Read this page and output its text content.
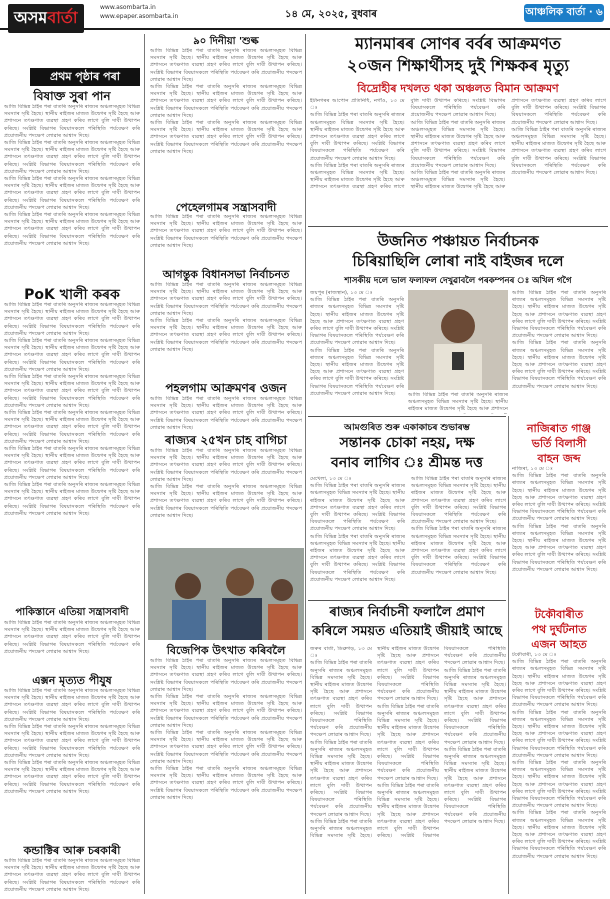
অসমবার্তা
www.asombarta.in
www.epaper.asombarta.in	১৪ মে, ২০২৫, বুধবাৰ	আঞ্চলিক বাৰ্তা · ৬
প্ৰথম পৃষ্ঠাৰ পৰা
বিষাক্ত সুৰা পান
আজি বিভিন্ন ঠাইৰ পৰা বাতৰি অনুসৰি ৰাজ্যৰ অঞ্চলসমূহত বিভিন্ন সমস্যাৰ সৃষ্টি হৈছে। স্থানীয় ৰাইজৰ মাজত উদ্বেগৰ সৃষ্টি হৈছে আৰু প্ৰশাসনে তৎক্ষণাত ব্যৱস্থা গ্ৰহণ কৰিব লাগে বুলি দাবী উত্থাপন কৰিছে। সংশ্লিষ্ট বিভাগৰ বিষয়াসকলে পৰিস্থিতি পৰ্যবেক্ষণ কৰি প্ৰয়োজনীয় পদক্ষেপ লোৱাৰ আশ্বাস দিছে।
আজি বিভিন্ন ঠাইৰ পৰা বাতৰি অনুসৰি ৰাজ্যৰ অঞ্চলসমূহত বিভিন্ন সমস্যাৰ সৃষ্টি হৈছে। স্থানীয় ৰাইজৰ মাজত উদ্বেগৰ সৃষ্টি হৈছে আৰু প্ৰশাসনে তৎক্ষণাত ব্যৱস্থা গ্ৰহণ কৰিব লাগে বুলি দাবী উত্থাপন কৰিছে। সংশ্লিষ্ট বিভাগৰ বিষয়াসকলে পৰিস্থিতি পৰ্যবেক্ষণ কৰি প্ৰয়োজনীয় পদক্ষেপ লোৱাৰ আশ্বাস দিছে।
আজি বিভিন্ন ঠাইৰ পৰা বাতৰি অনুসৰি ৰাজ্যৰ অঞ্চলসমূহত বিভিন্ন সমস্যাৰ সৃষ্টি হৈছে। স্থানীয় ৰাইজৰ মাজত উদ্বেগৰ সৃষ্টি হৈছে আৰু প্ৰশাসনে তৎক্ষণাত ব্যৱস্থা গ্ৰহণ কৰিব লাগে বুলি দাবী উত্থাপন কৰিছে। সংশ্লিষ্ট বিভাগৰ বিষয়াসকলে পৰিস্থিতি পৰ্যবেক্ষণ কৰি প্ৰয়োজনীয় পদক্ষেপ লোৱাৰ আশ্বাস দিছে।
আজি বিভিন্ন ঠাইৰ পৰা বাতৰি অনুসৰি ৰাজ্যৰ অঞ্চলসমূহত বিভিন্ন সমস্যাৰ সৃষ্টি হৈছে। স্থানীয় ৰাইজৰ মাজত উদ্বেগৰ সৃষ্টি হৈছে আৰু প্ৰশাসনে তৎক্ষণাত ব্যৱস্থা গ্ৰহণ কৰিব লাগে বুলি দাবী উত্থাপন কৰিছে। সংশ্লিষ্ট বিভাগৰ বিষয়াসকলে পৰিস্থিতি পৰ্যবেক্ষণ কৰি প্ৰয়োজনীয় পদক্ষেপ লোৱাৰ আশ্বাস দিছে।
PoK খালী কৰক
আজি বিভিন্ন ঠাইৰ পৰা বাতৰি অনুসৰি ৰাজ্যৰ অঞ্চলসমূহত বিভিন্ন সমস্যাৰ সৃষ্টি হৈছে। স্থানীয় ৰাইজৰ মাজত উদ্বেগৰ সৃষ্টি হৈছে আৰু প্ৰশাসনে তৎক্ষণাত ব্যৱস্থা গ্ৰহণ কৰিব লাগে বুলি দাবী উত্থাপন কৰিছে। সংশ্লিষ্ট বিভাগৰ বিষয়াসকলে পৰিস্থিতি পৰ্যবেক্ষণ কৰি প্ৰয়োজনীয় পদক্ষেপ লোৱাৰ আশ্বাস দিছে।
আজি বিভিন্ন ঠাইৰ পৰা বাতৰি অনুসৰি ৰাজ্যৰ অঞ্চলসমূহত বিভিন্ন সমস্যাৰ সৃষ্টি হৈছে। স্থানীয় ৰাইজৰ মাজত উদ্বেগৰ সৃষ্টি হৈছে আৰু প্ৰশাসনে তৎক্ষণাত ব্যৱস্থা গ্ৰহণ কৰিব লাগে বুলি দাবী উত্থাপন কৰিছে। সংশ্লিষ্ট বিভাগৰ বিষয়াসকলে পৰিস্থিতি পৰ্যবেক্ষণ কৰি প্ৰয়োজনীয় পদক্ষেপ লোৱাৰ আশ্বাস দিছে।
আজি বিভিন্ন ঠাইৰ পৰা বাতৰি অনুসৰি ৰাজ্যৰ অঞ্চলসমূহত বিভিন্ন সমস্যাৰ সৃষ্টি হৈছে। স্থানীয় ৰাইজৰ মাজত উদ্বেগৰ সৃষ্টি হৈছে আৰু প্ৰশাসনে তৎক্ষণাত ব্যৱস্থা গ্ৰহণ কৰিব লাগে বুলি দাবী উত্থাপন কৰিছে। সংশ্লিষ্ট বিভাগৰ বিষয়াসকলে পৰিস্থিতি পৰ্যবেক্ষণ কৰি প্ৰয়োজনীয় পদক্ষেপ লোৱাৰ আশ্বাস দিছে।
আজি বিভিন্ন ঠাইৰ পৰা বাতৰি অনুসৰি ৰাজ্যৰ অঞ্চলসমূহত বিভিন্ন সমস্যাৰ সৃষ্টি হৈছে। স্থানীয় ৰাইজৰ মাজত উদ্বেগৰ সৃষ্টি হৈছে আৰু প্ৰশাসনে তৎক্ষণাত ব্যৱস্থা গ্ৰহণ কৰিব লাগে বুলি দাবী উত্থাপন কৰিছে। সংশ্লিষ্ট বিভাগৰ বিষয়াসকলে পৰিস্থিতি পৰ্যবেক্ষণ কৰি প্ৰয়োজনীয় পদক্ষেপ লোৱাৰ আশ্বাস দিছে।
আজি বিভিন্ন ঠাইৰ পৰা বাতৰি অনুসৰি ৰাজ্যৰ অঞ্চলসমূহত বিভিন্ন সমস্যাৰ সৃষ্টি হৈছে। স্থানীয় ৰাইজৰ মাজত উদ্বেগৰ সৃষ্টি হৈছে আৰু প্ৰশাসনে তৎক্ষণাত ব্যৱস্থা গ্ৰহণ কৰিব লাগে বুলি দাবী উত্থাপন কৰিছে। সংশ্লিষ্ট বিভাগৰ বিষয়াসকলে পৰিস্থিতি পৰ্যবেক্ষণ কৰি প্ৰয়োজনীয় পদক্ষেপ লোৱাৰ আশ্বাস দিছে।
আজি বিভিন্ন ঠাইৰ পৰা বাতৰি অনুসৰি ৰাজ্যৰ অঞ্চলসমূহত বিভিন্ন সমস্যাৰ সৃষ্টি হৈছে। স্থানীয় ৰাইজৰ মাজত উদ্বেগৰ সৃষ্টি হৈছে আৰু প্ৰশাসনে তৎক্ষণাত ব্যৱস্থা গ্ৰহণ কৰিব লাগে বুলি দাবী উত্থাপন কৰিছে। সংশ্লিষ্ট বিভাগৰ বিষয়াসকলে পৰিস্থিতি পৰ্যবেক্ষণ কৰি প্ৰয়োজনীয় পদক্ষেপ লোৱাৰ আশ্বাস দিছে।
পাকিস্তানে এতিয়া সন্ত্ৰাসবাদী
আজি বিভিন্ন ঠাইৰ পৰা বাতৰি অনুসৰি ৰাজ্যৰ অঞ্চলসমূহত বিভিন্ন সমস্যাৰ সৃষ্টি হৈছে। স্থানীয় ৰাইজৰ মাজত উদ্বেগৰ সৃষ্টি হৈছে আৰু প্ৰশাসনে তৎক্ষণাত ব্যৱস্থা গ্ৰহণ কৰিব লাগে বুলি দাবী উত্থাপন কৰিছে। সংশ্লিষ্ট বিভাগৰ বিষয়াসকলে পৰিস্থিতি পৰ্যবেক্ষণ কৰি প্ৰয়োজনীয় পদক্ষেপ লোৱাৰ আশ্বাস দিছে।
এক্সন মৃত্যত পীযুষ
আজি বিভিন্ন ঠাইৰ পৰা বাতৰি অনুসৰি ৰাজ্যৰ অঞ্চলসমূহত বিভিন্ন সমস্যাৰ সৃষ্টি হৈছে। স্থানীয় ৰাইজৰ মাজত উদ্বেগৰ সৃষ্টি হৈছে আৰু প্ৰশাসনে তৎক্ষণাত ব্যৱস্থা গ্ৰহণ কৰিব লাগে বুলি দাবী উত্থাপন কৰিছে। সংশ্লিষ্ট বিভাগৰ বিষয়াসকলে পৰিস্থিতি পৰ্যবেক্ষণ কৰি প্ৰয়োজনীয় পদক্ষেপ লোৱাৰ আশ্বাস দিছে।
আজি বিভিন্ন ঠাইৰ পৰা বাতৰি অনুসৰি ৰাজ্যৰ অঞ্চলসমূহত বিভিন্ন সমস্যাৰ সৃষ্টি হৈছে। স্থানীয় ৰাইজৰ মাজত উদ্বেগৰ সৃষ্টি হৈছে আৰু প্ৰশাসনে তৎক্ষণাত ব্যৱস্থা গ্ৰহণ কৰিব লাগে বুলি দাবী উত্থাপন কৰিছে। সংশ্লিষ্ট বিভাগৰ বিষয়াসকলে পৰিস্থিতি পৰ্যবেক্ষণ কৰি প্ৰয়োজনীয় পদক্ষেপ লোৱাৰ আশ্বাস দিছে।
আজি বিভিন্ন ঠাইৰ পৰা বাতৰি অনুসৰি ৰাজ্যৰ অঞ্চলসমূহত বিভিন্ন সমস্যাৰ সৃষ্টি হৈছে। স্থানীয় ৰাইজৰ মাজত উদ্বেগৰ সৃষ্টি হৈছে আৰু প্ৰশাসনে তৎক্ষণাত ব্যৱস্থা গ্ৰহণ কৰিব লাগে বুলি দাবী উত্থাপন কৰিছে। সংশ্লিষ্ট বিভাগৰ বিষয়াসকলে পৰিস্থিতি পৰ্যবেক্ষণ কৰি প্ৰয়োজনীয় পদক্ষেপ লোৱাৰ আশ্বাস দিছে।
কন্ডাক্টিৰ আৰু চৰকাৰী
আজি বিভিন্ন ঠাইৰ পৰা বাতৰি অনুসৰি ৰাজ্যৰ অঞ্চলসমূহত বিভিন্ন সমস্যাৰ সৃষ্টি হৈছে। স্থানীয় ৰাইজৰ মাজত উদ্বেগৰ সৃষ্টি হৈছে আৰু প্ৰশাসনে তৎক্ষণাত ব্যৱস্থা গ্ৰহণ কৰিব লাগে বুলি দাবী উত্থাপন কৰিছে। সংশ্লিষ্ট বিভাগৰ বিষয়াসকলে পৰিস্থিতি পৰ্যবেক্ষণ কৰি প্ৰয়োজনীয় পদক্ষেপ লোৱাৰ আশ্বাস দিছে।
৯০ দিনীয়া 'শুল্ক
আজি বিভিন্ন ঠাইৰ পৰা বাতৰি অনুসৰি ৰাজ্যৰ অঞ্চলসমূহত বিভিন্ন সমস্যাৰ সৃষ্টি হৈছে। স্থানীয় ৰাইজৰ মাজত উদ্বেগৰ সৃষ্টি হৈছে আৰু প্ৰশাসনে তৎক্ষণাত ব্যৱস্থা গ্ৰহণ কৰিব লাগে বুলি দাবী উত্থাপন কৰিছে। সংশ্লিষ্ট বিভাগৰ বিষয়াসকলে পৰিস্থিতি পৰ্যবেক্ষণ কৰি প্ৰয়োজনীয় পদক্ষেপ লোৱাৰ আশ্বাস দিছে।
আজি বিভিন্ন ঠাইৰ পৰা বাতৰি অনুসৰি ৰাজ্যৰ অঞ্চলসমূহত বিভিন্ন সমস্যাৰ সৃষ্টি হৈছে। স্থানীয় ৰাইজৰ মাজত উদ্বেগৰ সৃষ্টি হৈছে আৰু প্ৰশাসনে তৎক্ষণাত ব্যৱস্থা গ্ৰহণ কৰিব লাগে বুলি দাবী উত্থাপন কৰিছে। সংশ্লিষ্ট বিভাগৰ বিষয়াসকলে পৰিস্থিতি পৰ্যবেক্ষণ কৰি প্ৰয়োজনীয় পদক্ষেপ লোৱাৰ আশ্বাস দিছে।
আজি বিভিন্ন ঠাইৰ পৰা বাতৰি অনুসৰি ৰাজ্যৰ অঞ্চলসমূহত বিভিন্ন সমস্যাৰ সৃষ্টি হৈছে। স্থানীয় ৰাইজৰ মাজত উদ্বেগৰ সৃষ্টি হৈছে আৰু প্ৰশাসনে তৎক্ষণাত ব্যৱস্থা গ্ৰহণ কৰিব লাগে বুলি দাবী উত্থাপন কৰিছে। সংশ্লিষ্ট বিভাগৰ বিষয়াসকলে পৰিস্থিতি পৰ্যবেক্ষণ কৰি প্ৰয়োজনীয় পদক্ষেপ লোৱাৰ আশ্বাস দিছে।
পেহেলগামৰ সন্ত্ৰাসবাদী
আজি বিভিন্ন ঠাইৰ পৰা বাতৰি অনুসৰি ৰাজ্যৰ অঞ্চলসমূহত বিভিন্ন সমস্যাৰ সৃষ্টি হৈছে। স্থানীয় ৰাইজৰ মাজত উদ্বেগৰ সৃষ্টি হৈছে আৰু প্ৰশাসনে তৎক্ষণাত ব্যৱস্থা গ্ৰহণ কৰিব লাগে বুলি দাবী উত্থাপন কৰিছে। সংশ্লিষ্ট বিভাগৰ বিষয়াসকলে পৰিস্থিতি পৰ্যবেক্ষণ কৰি প্ৰয়োজনীয় পদক্ষেপ লোৱাৰ আশ্বাস দিছে।
আগন্তুক বিধানসভা নিৰ্বাচনত
আজি বিভিন্ন ঠাইৰ পৰা বাতৰি অনুসৰি ৰাজ্যৰ অঞ্চলসমূহত বিভিন্ন সমস্যাৰ সৃষ্টি হৈছে। স্থানীয় ৰাইজৰ মাজত উদ্বেগৰ সৃষ্টি হৈছে আৰু প্ৰশাসনে তৎক্ষণাত ব্যৱস্থা গ্ৰহণ কৰিব লাগে বুলি দাবী উত্থাপন কৰিছে। সংশ্লিষ্ট বিভাগৰ বিষয়াসকলে পৰিস্থিতি পৰ্যবেক্ষণ কৰি প্ৰয়োজনীয় পদক্ষেপ লোৱাৰ আশ্বাস দিছে।
আজি বিভিন্ন ঠাইৰ পৰা বাতৰি অনুসৰি ৰাজ্যৰ অঞ্চলসমূহত বিভিন্ন সমস্যাৰ সৃষ্টি হৈছে। স্থানীয় ৰাইজৰ মাজত উদ্বেগৰ সৃষ্টি হৈছে আৰু প্ৰশাসনে তৎক্ষণাত ব্যৱস্থা গ্ৰহণ কৰিব লাগে বুলি দাবী উত্থাপন কৰিছে। সংশ্লিষ্ট বিভাগৰ বিষয়াসকলে পৰিস্থিতি পৰ্যবেক্ষণ কৰি প্ৰয়োজনীয় পদক্ষেপ লোৱাৰ আশ্বাস দিছে।
পহলগাম আক্ৰমণৰ ওজন
আজি বিভিন্ন ঠাইৰ পৰা বাতৰি অনুসৰি ৰাজ্যৰ অঞ্চলসমূহত বিভিন্ন সমস্যাৰ সৃষ্টি হৈছে। স্থানীয় ৰাইজৰ মাজত উদ্বেগৰ সৃষ্টি হৈছে আৰু প্ৰশাসনে তৎক্ষণাত ব্যৱস্থা গ্ৰহণ কৰিব লাগে বুলি দাবী উত্থাপন কৰিছে। সংশ্লিষ্ট বিভাগৰ বিষয়াসকলে পৰিস্থিতি পৰ্যবেক্ষণ কৰি প্ৰয়োজনীয় পদক্ষেপ লোৱাৰ আশ্বাস দিছে।
ৰাজ্যৰ ২৫খন চাহ বাগিচা
আজি বিভিন্ন ঠাইৰ পৰা বাতৰি অনুসৰি ৰাজ্যৰ অঞ্চলসমূহত বিভিন্ন সমস্যাৰ সৃষ্টি হৈছে। স্থানীয় ৰাইজৰ মাজত উদ্বেগৰ সৃষ্টি হৈছে আৰু প্ৰশাসনে তৎক্ষণাত ব্যৱস্থা গ্ৰহণ কৰিব লাগে বুলি দাবী উত্থাপন কৰিছে। সংশ্লিষ্ট বিভাগৰ বিষয়াসকলে পৰিস্থিতি পৰ্যবেক্ষণ কৰি প্ৰয়োজনীয় পদক্ষেপ লোৱাৰ আশ্বাস দিছে।
আজি বিভিন্ন ঠাইৰ পৰা বাতৰি অনুসৰি ৰাজ্যৰ অঞ্চলসমূহত বিভিন্ন সমস্যাৰ সৃষ্টি হৈছে। স্থানীয় ৰাইজৰ মাজত উদ্বেগৰ সৃষ্টি হৈছে আৰু প্ৰশাসনে তৎক্ষণাত ব্যৱস্থা গ্ৰহণ কৰিব লাগে বুলি দাবী উত্থাপন কৰিছে। সংশ্লিষ্ট বিভাগৰ বিষয়াসকলে পৰিস্থিতি পৰ্যবেক্ষণ কৰি প্ৰয়োজনীয় পদক্ষেপ লোৱাৰ আশ্বাস দিছে।
বিজেপিক উৎখাত কৰিবলৈ
আজি বিভিন্ন ঠাইৰ পৰা বাতৰি অনুসৰি ৰাজ্যৰ অঞ্চলসমূহত বিভিন্ন সমস্যাৰ সৃষ্টি হৈছে। স্থানীয় ৰাইজৰ মাজত উদ্বেগৰ সৃষ্টি হৈছে আৰু প্ৰশাসনে তৎক্ষণাত ব্যৱস্থা গ্ৰহণ কৰিব লাগে বুলি দাবী উত্থাপন কৰিছে। সংশ্লিষ্ট বিভাগৰ বিষয়াসকলে পৰিস্থিতি পৰ্যবেক্ষণ কৰি প্ৰয়োজনীয় পদক্ষেপ লোৱাৰ আশ্বাস দিছে।
আজি বিভিন্ন ঠাইৰ পৰা বাতৰি অনুসৰি ৰাজ্যৰ অঞ্চলসমূহত বিভিন্ন সমস্যাৰ সৃষ্টি হৈছে। স্থানীয় ৰাইজৰ মাজত উদ্বেগৰ সৃষ্টি হৈছে আৰু প্ৰশাসনে তৎক্ষণাত ব্যৱস্থা গ্ৰহণ কৰিব লাগে বুলি দাবী উত্থাপন কৰিছে। সংশ্লিষ্ট বিভাগৰ বিষয়াসকলে পৰিস্থিতি পৰ্যবেক্ষণ কৰি প্ৰয়োজনীয় পদক্ষেপ লোৱাৰ আশ্বাস দিছে।
আজি বিভিন্ন ঠাইৰ পৰা বাতৰি অনুসৰি ৰাজ্যৰ অঞ্চলসমূহত বিভিন্ন সমস্যাৰ সৃষ্টি হৈছে। স্থানীয় ৰাইজৰ মাজত উদ্বেগৰ সৃষ্টি হৈছে আৰু প্ৰশাসনে তৎক্ষণাত ব্যৱস্থা গ্ৰহণ কৰিব লাগে বুলি দাবী উত্থাপন কৰিছে। সংশ্লিষ্ট বিভাগৰ বিষয়াসকলে পৰিস্থিতি পৰ্যবেক্ষণ কৰি প্ৰয়োজনীয় পদক্ষেপ লোৱাৰ আশ্বাস দিছে।
আজি বিভিন্ন ঠাইৰ পৰা বাতৰি অনুসৰি ৰাজ্যৰ অঞ্চলসমূহত বিভিন্ন সমস্যাৰ সৃষ্টি হৈছে। স্থানীয় ৰাইজৰ মাজত উদ্বেগৰ সৃষ্টি হৈছে আৰু প্ৰশাসনে তৎক্ষণাত ব্যৱস্থা গ্ৰহণ কৰিব লাগে বুলি দাবী উত্থাপন কৰিছে। সংশ্লিষ্ট বিভাগৰ বিষয়াসকলে পৰিস্থিতি পৰ্যবেক্ষণ কৰি প্ৰয়োজনীয় পদক্ষেপ লোৱাৰ আশ্বাস দিছে।
ম্যানমাৰৰ সোণৰ বৰ্বৰ আক্ৰমণত
২০জন শিক্ষাৰ্থীসহ দুই শিক্ষকৰ মৃত্যু
বিদ্ৰোহীৰ দখলত থকা অঞ্চলত বিমান আক্ৰমণ
ইটানগৰৰ আপোন প্ৰতিনিধি, নগাঁও, ১৩ মে ঃ
আজি বিভিন্ন ঠাইৰ পৰা বাতৰি অনুসৰি ৰাজ্যৰ অঞ্চলসমূহত বিভিন্ন সমস্যাৰ সৃষ্টি হৈছে। স্থানীয় ৰাইজৰ মাজত উদ্বেগৰ সৃষ্টি হৈছে আৰু প্ৰশাসনে তৎক্ষণাত ব্যৱস্থা গ্ৰহণ কৰিব লাগে বুলি দাবী উত্থাপন কৰিছে। সংশ্লিষ্ট বিভাগৰ বিষয়াসকলে পৰিস্থিতি পৰ্যবেক্ষণ কৰি প্ৰয়োজনীয় পদক্ষেপ লোৱাৰ আশ্বাস দিছে।
আজি বিভিন্ন ঠাইৰ পৰা বাতৰি অনুসৰি ৰাজ্যৰ অঞ্চলসমূহত বিভিন্ন সমস্যাৰ সৃষ্টি হৈছে। স্থানীয় ৰাইজৰ মাজত উদ্বেগৰ সৃষ্টি হৈছে আৰু প্ৰশাসনে তৎক্ষণাত ব্যৱস্থা গ্ৰহণ কৰিব লাগে বুলি দাবী উত্থাপন কৰিছে। সংশ্লিষ্ট বিভাগৰ বিষয়াসকলে পৰিস্থিতি পৰ্যবেক্ষণ কৰি প্ৰয়োজনীয় পদক্ষেপ লোৱাৰ আশ্বাস দিছে।
আজি বিভিন্ন ঠাইৰ পৰা বাতৰি অনুসৰি ৰাজ্যৰ অঞ্চলসমূহত বিভিন্ন সমস্যাৰ সৃষ্টি হৈছে। স্থানীয় ৰাইজৰ মাজত উদ্বেগৰ সৃষ্টি হৈছে আৰু প্ৰশাসনে তৎক্ষণাত ব্যৱস্থা গ্ৰহণ কৰিব লাগে বুলি দাবী উত্থাপন কৰিছে। সংশ্লিষ্ট বিভাগৰ বিষয়াসকলে পৰিস্থিতি পৰ্যবেক্ষণ কৰি প্ৰয়োজনীয় পদক্ষেপ লোৱাৰ আশ্বাস দিছে।
আজি বিভিন্ন ঠাইৰ পৰা বাতৰি অনুসৰি ৰাজ্যৰ অঞ্চলসমূহত বিভিন্ন সমস্যাৰ সৃষ্টি হৈছে। স্থানীয় ৰাইজৰ মাজত উদ্বেগৰ সৃষ্টি হৈছে আৰু প্ৰশাসনে তৎক্ষণাত ব্যৱস্থা গ্ৰহণ কৰিব লাগে বুলি দাবী উত্থাপন কৰিছে। সংশ্লিষ্ট বিভাগৰ বিষয়াসকলে পৰিস্থিতি পৰ্যবেক্ষণ কৰি প্ৰয়োজনীয় পদক্ষেপ লোৱাৰ আশ্বাস দিছে।
আজি বিভিন্ন ঠাইৰ পৰা বাতৰি অনুসৰি ৰাজ্যৰ অঞ্চলসমূহত বিভিন্ন সমস্যাৰ সৃষ্টি হৈছে। স্থানীয় ৰাইজৰ মাজত উদ্বেগৰ সৃষ্টি হৈছে আৰু প্ৰশাসনে তৎক্ষণাত ব্যৱস্থা গ্ৰহণ কৰিব লাগে বুলি দাবী উত্থাপন কৰিছে। সংশ্লিষ্ট বিভাগৰ বিষয়াসকলে পৰিস্থিতি পৰ্যবেক্ষণ কৰি প্ৰয়োজনীয় পদক্ষেপ লোৱাৰ আশ্বাস দিছে।
উজনিত পঞ্চায়ত নিৰ্বাচনক
চিৰিয়াছিলি লোৰা নাই বাইজৰ দলে
শাসকীয় দলে ভাল ফলাফল দেখুৱাবলৈ পৰকম্পনৰ ঃ অখিল গগৈ
জয়পুৰ (ৰাজস্থান), ১৩ মে ঃ
আজি বিভিন্ন ঠাইৰ পৰা বাতৰি অনুসৰি ৰাজ্যৰ অঞ্চলসমূহত বিভিন্ন সমস্যাৰ সৃষ্টি হৈছে। স্থানীয় ৰাইজৰ মাজত উদ্বেগৰ সৃষ্টি হৈছে আৰু প্ৰশাসনে তৎক্ষণাত ব্যৱস্থা গ্ৰহণ কৰিব লাগে বুলি দাবী উত্থাপন কৰিছে। সংশ্লিষ্ট বিভাগৰ বিষয়াসকলে পৰিস্থিতি পৰ্যবেক্ষণ কৰি প্ৰয়োজনীয় পদক্ষেপ লোৱাৰ আশ্বাস দিছে।
আজি বিভিন্ন ঠাইৰ পৰা বাতৰি অনুসৰি ৰাজ্যৰ অঞ্চলসমূহত বিভিন্ন সমস্যাৰ সৃষ্টি হৈছে। স্থানীয় ৰাইজৰ মাজত উদ্বেগৰ সৃষ্টি হৈছে আৰু প্ৰশাসনে তৎক্ষণাত ব্যৱস্থা গ্ৰহণ কৰিব লাগে বুলি দাবী উত্থাপন কৰিছে। সংশ্লিষ্ট বিভাগৰ বিষয়াসকলে পৰিস্থিতি পৰ্যবেক্ষণ কৰি প্ৰয়োজনীয় পদক্ষেপ লোৱাৰ আশ্বাস দিছে।	আজি বিভিন্ন ঠাইৰ পৰা বাতৰি অনুসৰি ৰাজ্যৰ অঞ্চলসমূহত বিভিন্ন সমস্যাৰ সৃষ্টি হৈছে। স্থানীয় ৰাইজৰ মাজত উদ্বেগৰ সৃষ্টি হৈছে আৰু প্ৰশাসনে
আজি বিভিন্ন ঠাইৰ পৰা বাতৰি অনুসৰি ৰাজ্যৰ অঞ্চলসমূহত বিভিন্ন সমস্যাৰ সৃষ্টি হৈছে। স্থানীয় ৰাইজৰ মাজত উদ্বেগৰ সৃষ্টি হৈছে আৰু প্ৰশাসনে তৎক্ষণাত ব্যৱস্থা গ্ৰহণ কৰিব লাগে বুলি দাবী উত্থাপন কৰিছে। সংশ্লিষ্ট বিভাগৰ বিষয়াসকলে পৰিস্থিতি পৰ্যবেক্ষণ কৰি প্ৰয়োজনীয় পদক্ষেপ লোৱাৰ আশ্বাস দিছে।
আজি বিভিন্ন ঠাইৰ পৰা বাতৰি অনুসৰি ৰাজ্যৰ অঞ্চলসমূহত বিভিন্ন সমস্যাৰ সৃষ্টি হৈছে। স্থানীয় ৰাইজৰ মাজত উদ্বেগৰ সৃষ্টি হৈছে আৰু প্ৰশাসনে তৎক্ষণাত ব্যৱস্থা গ্ৰহণ কৰিব লাগে বুলি দাবী উত্থাপন কৰিছে। সংশ্লিষ্ট বিভাগৰ বিষয়াসকলে পৰিস্থিতি পৰ্যবেক্ষণ কৰি প্ৰয়োজনীয় পদক্ষেপ লোৱাৰ আশ্বাস দিছে।
নাজিৰাত গাঞ্জ
ভৰ্তি বিলাসী
বাহন জব্দ
নাজিৰা, ১৩ মে ঃ
আজি বিভিন্ন ঠাইৰ পৰা বাতৰি অনুসৰি ৰাজ্যৰ অঞ্চলসমূহত বিভিন্ন সমস্যাৰ সৃষ্টি হৈছে। স্থানীয় ৰাইজৰ মাজত উদ্বেগৰ সৃষ্টি হৈছে আৰু প্ৰশাসনে তৎক্ষণাত ব্যৱস্থা গ্ৰহণ কৰিব লাগে বুলি দাবী উত্থাপন কৰিছে। সংশ্লিষ্ট বিভাগৰ বিষয়াসকলে পৰিস্থিতি পৰ্যবেক্ষণ কৰি প্ৰয়োজনীয় পদক্ষেপ লোৱাৰ আশ্বাস দিছে।
আজি বিভিন্ন ঠাইৰ পৰা বাতৰি অনুসৰি ৰাজ্যৰ অঞ্চলসমূহত বিভিন্ন সমস্যাৰ সৃষ্টি হৈছে। স্থানীয় ৰাইজৰ মাজত উদ্বেগৰ সৃষ্টি হৈছে আৰু প্ৰশাসনে তৎক্ষণাত ব্যৱস্থা গ্ৰহণ কৰিব লাগে বুলি দাবী উত্থাপন কৰিছে। সংশ্লিষ্ট বিভাগৰ বিষয়াসকলে পৰিস্থিতি পৰ্যবেক্ষণ কৰি প্ৰয়োজনীয় পদক্ষেপ লোৱাৰ আশ্বাস দিছে।
টকৌবাৰীত
পথ দুৰ্ঘটনাত
এজন আহত
টকৌবাৰী, ১৩ মে ঃ
আজি বিভিন্ন ঠাইৰ পৰা বাতৰি অনুসৰি ৰাজ্যৰ অঞ্চলসমূহত বিভিন্ন সমস্যাৰ সৃষ্টি হৈছে। স্থানীয় ৰাইজৰ মাজত উদ্বেগৰ সৃষ্টি হৈছে আৰু প্ৰশাসনে তৎক্ষণাত ব্যৱস্থা গ্ৰহণ কৰিব লাগে বুলি দাবী উত্থাপন কৰিছে। সংশ্লিষ্ট বিভাগৰ বিষয়াসকলে পৰিস্থিতি পৰ্যবেক্ষণ কৰি প্ৰয়োজনীয় পদক্ষেপ লোৱাৰ আশ্বাস দিছে।
আজি বিভিন্ন ঠাইৰ পৰা বাতৰি অনুসৰি ৰাজ্যৰ অঞ্চলসমূহত বিভিন্ন সমস্যাৰ সৃষ্টি হৈছে। স্থানীয় ৰাইজৰ মাজত উদ্বেগৰ সৃষ্টি হৈছে আৰু প্ৰশাসনে তৎক্ষণাত ব্যৱস্থা গ্ৰহণ কৰিব লাগে বুলি দাবী উত্থাপন কৰিছে। সংশ্লিষ্ট বিভাগৰ বিষয়াসকলে পৰিস্থিতি পৰ্যবেক্ষণ কৰি প্ৰয়োজনীয় পদক্ষেপ লোৱাৰ আশ্বাস দিছে।
আজি বিভিন্ন ঠাইৰ পৰা বাতৰি অনুসৰি ৰাজ্যৰ অঞ্চলসমূহত বিভিন্ন সমস্যাৰ সৃষ্টি হৈছে। স্থানীয় ৰাইজৰ মাজত উদ্বেগৰ সৃষ্টি হৈছে আৰু প্ৰশাসনে তৎক্ষণাত ব্যৱস্থা গ্ৰহণ কৰিব লাগে বুলি দাবী উত্থাপন কৰিছে। সংশ্লিষ্ট বিভাগৰ বিষয়াসকলে পৰিস্থিতি পৰ্যবেক্ষণ কৰি প্ৰয়োজনীয় পদক্ষেপ লোৱাৰ আশ্বাস দিছে।
আজি বিভিন্ন ঠাইৰ পৰা বাতৰি অনুসৰি ৰাজ্যৰ অঞ্চলসমূহত বিভিন্ন সমস্যাৰ সৃষ্টি হৈছে। স্থানীয় ৰাইজৰ মাজত উদ্বেগৰ সৃষ্টি হৈছে আৰু প্ৰশাসনে তৎক্ষণাত ব্যৱস্থা গ্ৰহণ কৰিব লাগে বুলি দাবী উত্থাপন কৰিছে। সংশ্লিষ্ট বিভাগৰ বিষয়াসকলে পৰিস্থিতি পৰ্যবেক্ষণ কৰি প্ৰয়োজনীয় পদক্ষেপ লোৱাৰ আশ্বাস দিছে।
আমগুৰিত শুৰু একাকাচৰ শুভাৰম্ভ
সন্তানক চোকা নহয়, দক্ষ
বনাব লাগিব ঃ শ্ৰীমন্ত দত্ত
মেখেলা, ১৩ মে ঃ
আজি বিভিন্ন ঠাইৰ পৰা বাতৰি অনুসৰি ৰাজ্যৰ অঞ্চলসমূহত বিভিন্ন সমস্যাৰ সৃষ্টি হৈছে। স্থানীয় ৰাইজৰ মাজত উদ্বেগৰ সৃষ্টি হৈছে আৰু প্ৰশাসনে তৎক্ষণাত ব্যৱস্থা গ্ৰহণ কৰিব লাগে বুলি দাবী উত্থাপন কৰিছে। সংশ্লিষ্ট বিভাগৰ বিষয়াসকলে পৰিস্থিতি পৰ্যবেক্ষণ কৰি প্ৰয়োজনীয় পদক্ষেপ লোৱাৰ আশ্বাস দিছে।
আজি বিভিন্ন ঠাইৰ পৰা বাতৰি অনুসৰি ৰাজ্যৰ অঞ্চলসমূহত বিভিন্ন সমস্যাৰ সৃষ্টি হৈছে। স্থানীয় ৰাইজৰ মাজত উদ্বেগৰ সৃষ্টি হৈছে আৰু প্ৰশাসনে তৎক্ষণাত ব্যৱস্থা গ্ৰহণ কৰিব লাগে বুলি দাবী উত্থাপন কৰিছে। সংশ্লিষ্ট বিভাগৰ বিষয়াসকলে পৰিস্থিতি পৰ্যবেক্ষণ কৰি প্ৰয়োজনীয় পদক্ষেপ লোৱাৰ আশ্বাস দিছে।
আজি বিভিন্ন ঠাইৰ পৰা বাতৰি অনুসৰি ৰাজ্যৰ অঞ্চলসমূহত বিভিন্ন সমস্যাৰ সৃষ্টি হৈছে। স্থানীয় ৰাইজৰ মাজত উদ্বেগৰ সৃষ্টি হৈছে আৰু প্ৰশাসনে তৎক্ষণাত ব্যৱস্থা গ্ৰহণ কৰিব লাগে বুলি দাবী উত্থাপন কৰিছে। সংশ্লিষ্ট বিভাগৰ বিষয়াসকলে পৰিস্থিতি পৰ্যবেক্ষণ কৰি প্ৰয়োজনীয় পদক্ষেপ লোৱাৰ আশ্বাস দিছে।
আজি বিভিন্ন ঠাইৰ পৰা বাতৰি অনুসৰি ৰাজ্যৰ অঞ্চলসমূহত বিভিন্ন সমস্যাৰ সৃষ্টি হৈছে। স্থানীয় ৰাইজৰ মাজত উদ্বেগৰ সৃষ্টি হৈছে আৰু প্ৰশাসনে তৎক্ষণাত ব্যৱস্থা গ্ৰহণ কৰিব লাগে বুলি দাবী উত্থাপন কৰিছে। সংশ্লিষ্ট বিভাগৰ বিষয়াসকলে পৰিস্থিতি পৰ্যবেক্ষণ কৰি প্ৰয়োজনীয় পদক্ষেপ লোৱাৰ আশ্বাস দিছে।
ৰাজ্যৰ নিৰ্বাচনী ফলালৈ প্ৰমাণ
কৰিলে সময়ত এতিয়াই জীয়াই আছে
জৰুৰ বাৰ্তা, ডিব্ৰুগড়, ১৩ মে ঃ
আজি বিভিন্ন ঠাইৰ পৰা বাতৰি অনুসৰি ৰাজ্যৰ অঞ্চলসমূহত বিভিন্ন সমস্যাৰ সৃষ্টি হৈছে। স্থানীয় ৰাইজৰ মাজত উদ্বেগৰ সৃষ্টি হৈছে আৰু প্ৰশাসনে তৎক্ষণাত ব্যৱস্থা গ্ৰহণ কৰিব লাগে বুলি দাবী উত্থাপন কৰিছে। সংশ্লিষ্ট বিভাগৰ বিষয়াসকলে পৰিস্থিতি পৰ্যবেক্ষণ কৰি প্ৰয়োজনীয় পদক্ষেপ লোৱাৰ আশ্বাস দিছে।
আজি বিভিন্ন ঠাইৰ পৰা বাতৰি অনুসৰি ৰাজ্যৰ অঞ্চলসমূহত বিভিন্ন সমস্যাৰ সৃষ্টি হৈছে। স্থানীয় ৰাইজৰ মাজত উদ্বেগৰ সৃষ্টি হৈছে আৰু প্ৰশাসনে তৎক্ষণাত ব্যৱস্থা গ্ৰহণ কৰিব লাগে বুলি দাবী উত্থাপন কৰিছে। সংশ্লিষ্ট বিভাগৰ বিষয়াসকলে পৰিস্থিতি পৰ্যবেক্ষণ কৰি প্ৰয়োজনীয় পদক্ষেপ লোৱাৰ আশ্বাস দিছে।
আজি বিভিন্ন ঠাইৰ পৰা বাতৰি অনুসৰি ৰাজ্যৰ অঞ্চলসমূহত বিভিন্ন সমস্যাৰ সৃষ্টি হৈছে। স্থানীয় ৰাইজৰ মাজত উদ্বেগৰ সৃষ্টি হৈছে আৰু প্ৰশাসনে তৎক্ষণাত ব্যৱস্থা গ্ৰহণ কৰিব লাগে বুলি দাবী উত্থাপন কৰিছে। সংশ্লিষ্ট বিভাগৰ বিষয়াসকলে পৰিস্থিতি পৰ্যবেক্ষণ কৰি প্ৰয়োজনীয় পদক্ষেপ লোৱাৰ আশ্বাস দিছে।
আজি বিভিন্ন ঠাইৰ পৰা বাতৰি অনুসৰি ৰাজ্যৰ অঞ্চলসমূহত বিভিন্ন সমস্যাৰ সৃষ্টি হৈছে। স্থানীয় ৰাইজৰ মাজত উদ্বেগৰ সৃষ্টি হৈছে আৰু প্ৰশাসনে তৎক্ষণাত ব্যৱস্থা গ্ৰহণ কৰিব লাগে বুলি দাবী উত্থাপন কৰিছে। সংশ্লিষ্ট বিভাগৰ বিষয়াসকলে পৰিস্থিতি পৰ্যবেক্ষণ কৰি প্ৰয়োজনীয় পদক্ষেপ লোৱাৰ আশ্বাস দিছে।
আজি বিভিন্ন ঠাইৰ পৰা বাতৰি অনুসৰি ৰাজ্যৰ অঞ্চলসমূহত বিভিন্ন সমস্যাৰ সৃষ্টি হৈছে। স্থানীয় ৰাইজৰ মাজত উদ্বেগৰ সৃষ্টি হৈছে আৰু প্ৰশাসনে তৎক্ষণাত ব্যৱস্থা গ্ৰহণ কৰিব লাগে বুলি দাবী উত্থাপন কৰিছে। সংশ্লিষ্ট বিভাগৰ বিষয়াসকলে পৰিস্থিতি পৰ্যবেক্ষণ কৰি প্ৰয়োজনীয় পদক্ষেপ লোৱাৰ আশ্বাস দিছে।
আজি বিভিন্ন ঠাইৰ পৰা বাতৰি অনুসৰি ৰাজ্যৰ অঞ্চলসমূহত বিভিন্ন সমস্যাৰ সৃষ্টি হৈছে। স্থানীয় ৰাইজৰ মাজত উদ্বেগৰ সৃষ্টি হৈছে আৰু প্ৰশাসনে তৎক্ষণাত ব্যৱস্থা গ্ৰহণ কৰিব লাগে বুলি দাবী উত্থাপন কৰিছে। সংশ্লিষ্ট বিভাগৰ বিষয়াসকলে পৰিস্থিতি পৰ্যবেক্ষণ কৰি প্ৰয়োজনীয় পদক্ষেপ লোৱাৰ আশ্বাস দিছে।
আজি বিভিন্ন ঠাইৰ পৰা বাতৰি অনুসৰি ৰাজ্যৰ অঞ্চলসমূহত বিভিন্ন সমস্যাৰ সৃষ্টি হৈছে। স্থানীয় ৰাইজৰ মাজত উদ্বেগৰ সৃষ্টি হৈছে আৰু প্ৰশাসনে তৎক্ষণাত ব্যৱস্থা গ্ৰহণ কৰিব লাগে বুলি দাবী উত্থাপন কৰিছে। সংশ্লিষ্ট বিভাগৰ বিষয়াসকলে পৰিস্থিতি পৰ্যবেক্ষণ কৰি প্ৰয়োজনীয় পদক্ষেপ লোৱাৰ আশ্বাস দিছে।
